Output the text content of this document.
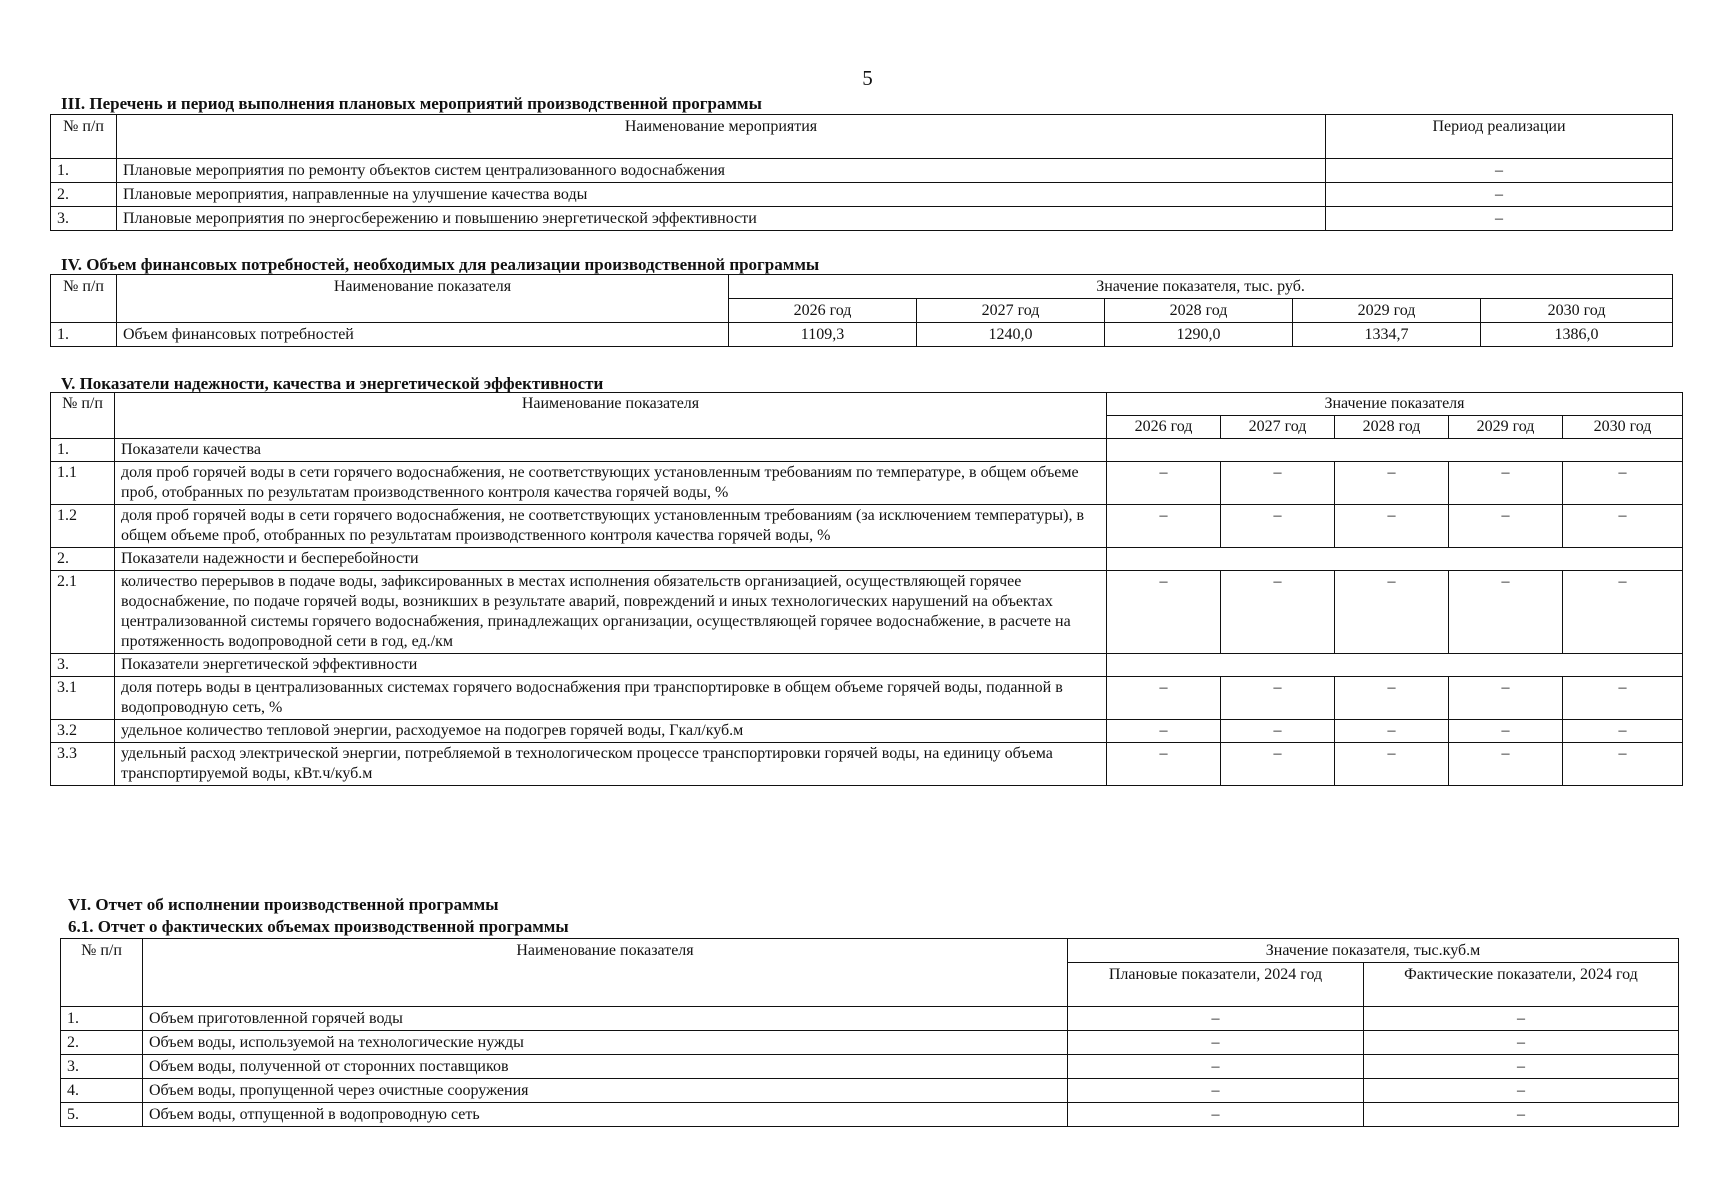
5
III. Перечень и период выполнения плановых мероприятий производственной программы
№ п/п	Наименование мероприятия	Период реализации
1.	Плановые мероприятия по ремонту объектов систем централизованного водоснабжения	–
2.	Плановые мероприятия, направленные на улучшение качества воды	–
3.	Плановые мероприятия по энергосбережению и повышению энергетической эффективности	–
IV. Объем финансовых потребностей, необходимых для реализации производственной программы
№ п/п	Наименование показателя	Значение показателя, тыс. руб.				
		2026 год	2027 год	2028 год	2029 год	2030 год
1.	Объем финансовых потребностей	1109,3	1240,0	1290,0	1334,7	1386,0
V. Показатели надежности, качества и энергетической эффективности
№ п/п	Наименование показателя	Значение показателя				
		2026 год	2027 год	2028 год	2029 год	2030 год
1.	Показатели качества					
1.1	доля проб горячей воды в сети горячего водоснабжения, не соответствующих установленным требованиям по температуре, в общем объеме проб, отобранных по результатам производственного контроля качества горячей воды, %	–	–	–	–	–
1.2	доля проб горячей воды в сети горячего водоснабжения, не соответствующих установленным требованиям (за исключением температуры), в общем объеме проб, отобранных по результатам производственного контроля качества горячей воды, %	–	–	–	–	–
2.	Показатели надежности и бесперебойности					
2.1	количество перерывов в подаче воды, зафиксированных в местах исполнения обязательств организацией, осуществляющей горячее водоснабжение, по подаче горячей воды, возникших в результате аварий, повреждений и иных технологических нарушений на объектах централизованной системы горячего водоснабжения, принадлежащих организации, осуществляющей горячее водоснабжение, в расчете на протяженность водопроводной сети в год, ед./км	–	–	–	–	–
3.	Показатели энергетической эффективности					
3.1	доля потерь воды в централизованных системах горячего водоснабжения при транспортировке в общем объеме горячей воды, поданной в водопроводную сеть, %	–	–	–	–	–
3.2	удельное количество тепловой энергии, расходуемое на подогрев горячей воды, Гкал/куб.м	–	–	–	–	–
3.3	удельный расход электрической энергии, потребляемой в технологическом процессе транспортировки горячей воды, на единицу объема транспортируемой воды, кВт.ч/куб.м	–	–	–	–	–
VI. Отчет об исполнении производственной программы
6.1. Отчет о фактических объемах производственной программы
№ п/п	Наименование показателя	Значение показателя, тыс.куб.м	
		Плановые показатели, 2024 год	Фактические показатели, 2024 год
1.	Объем приготовленной горячей воды	–	–
2.	Объем воды, используемой на технологические нужды	–	–
3.	Объем воды, полученной от сторонних поставщиков	–	–
4.	Объем воды, пропущенной через очистные сооружения	–	–
5.	Объем воды, отпущенной в водопроводную сеть	–	–
